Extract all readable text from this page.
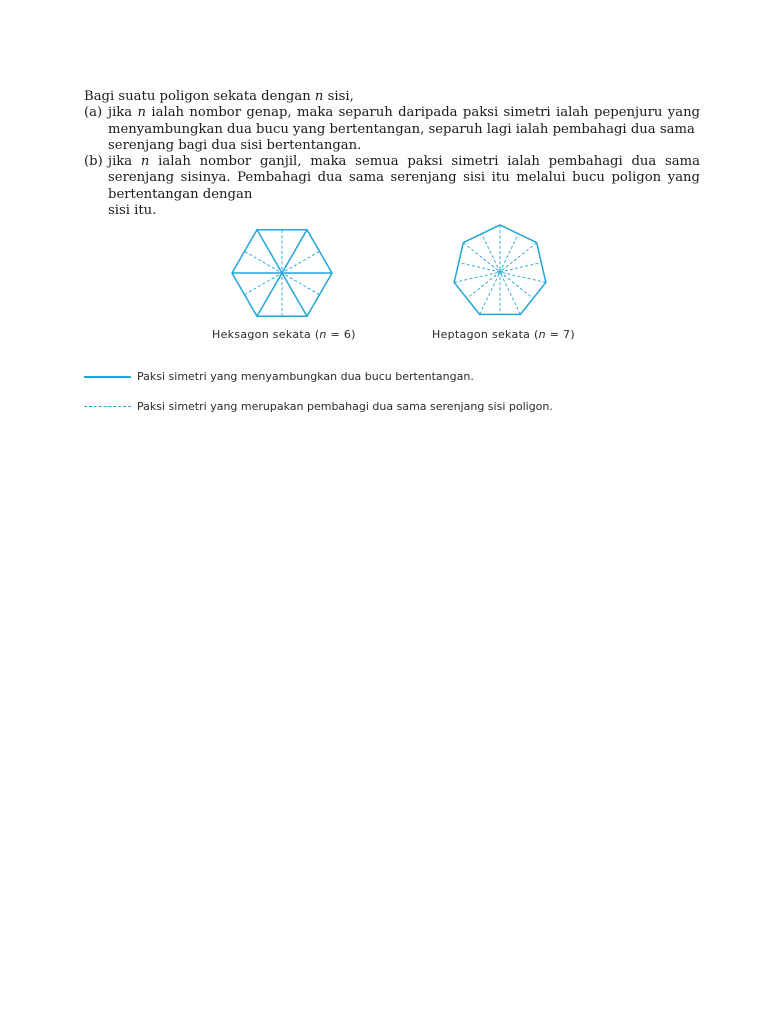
Bagi suatu poligon sekata dengan n sisi,

(a) jika n ialah nombor genap, maka separuh daripada paksi simetri ialah pepenjuru yang menyambungkan dua bucu yang bertentangan, separuh lagi ialah pembahagi dua sama
serenjang bagi dua sisi bertentangan.
(b) jika n ialah nombor ganjil, maka semua paksi simetri ialah pembahagi dua sama serenjang sisinya. Pembahagi dua sama serenjang sisi itu melalui bucu poligon yang bertentangan dengan
sisi itu.
Heksagon sekata (n = 6)	Heptagon sekata (n = 7)
Paksi simetri yang menyambungkan dua bucu bertentangan.
Paksi simetri yang merupakan pembahagi dua sama serenjang sisi poligon.
